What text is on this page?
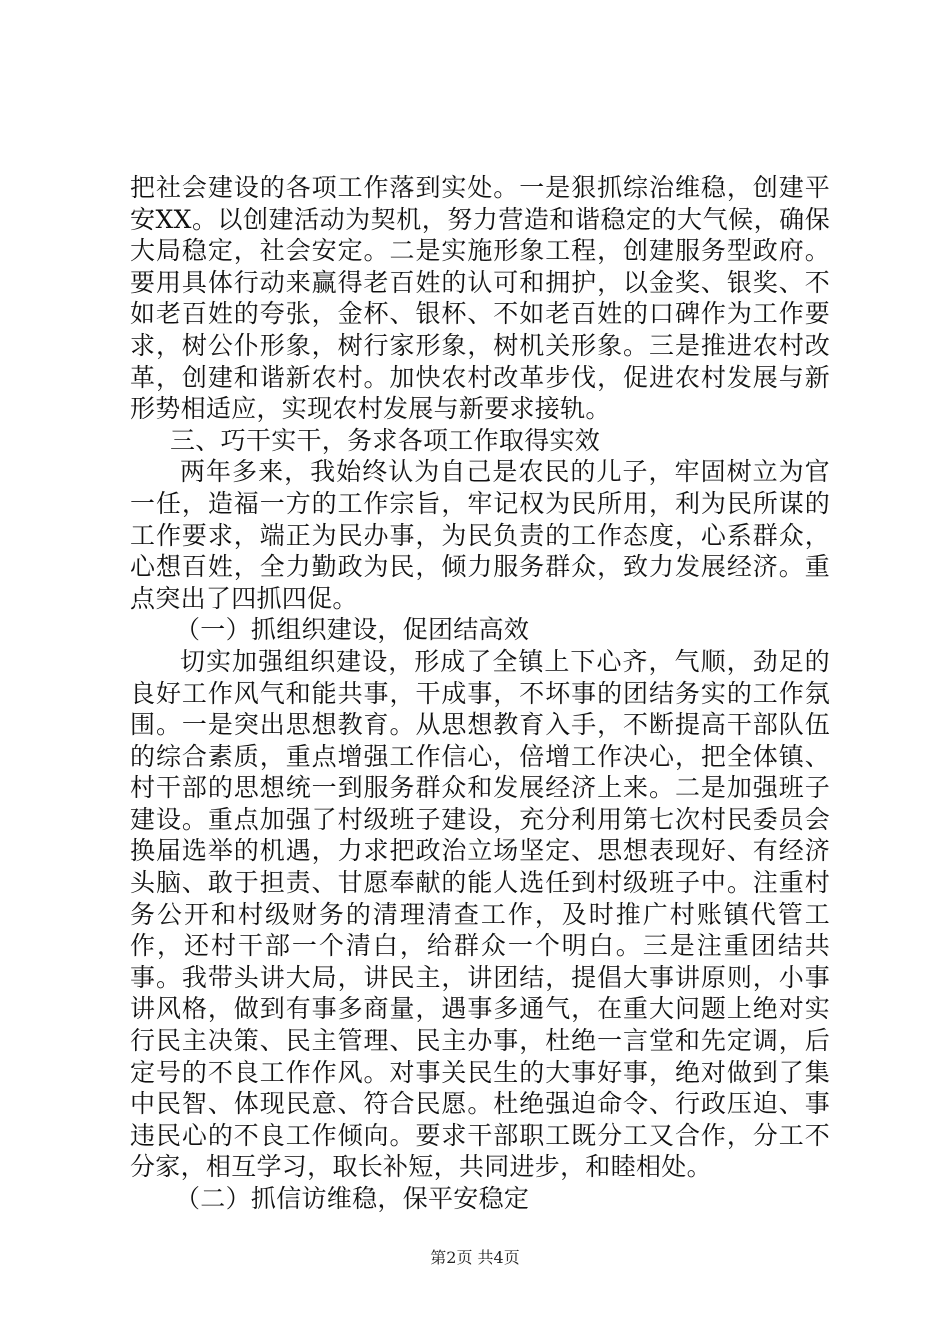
把社会建设的各项工作落到实处。一是狠抓综治维稳，创建平安XX。以创建活动为契机，努力营造和谐稳定的大气候，确保大局稳定，社会安定。二是实施形象工程，创建服务型政府。要用具体行动来赢得老百姓的认可和拥护，以金奖、银奖、不如老百姓的夸张，金杯、银杯、不如老百姓的口碑作为工作要求，树公仆形象，树行家形象，树机关形象。三是推进农村改革，创建和谐新农村。加快农村改革步伐，促进农村发展与新形势相适应，实现农村发展与新要求接轨。

三、巧干实干，务求各项工作取得实效

两年多来，我始终认为自己是农民的儿子，牢固树立为官一任，造福一方的工作宗旨，牢记权为民所用，利为民所谋的工作要求，端正为民办事，为民负责的工作态度，心系群众，心想百姓，全力勤政为民，倾力服务群众，致力发展经济。重点突出了四抓四促。

（一）抓组织建设，促团结高效

切实加强组织建设，形成了全镇上下心齐，气顺，劲足的良好工作风气和能共事，干成事，不坏事的团结务实的工作氛围。一是突出思想教育。从思想教育入手，不断提高干部队伍的综合素质，重点增强工作信心，倍增工作决心，把全体镇、村干部的思想统一到服务群众和发展经济上来。二是加强班子建设。重点加强了村级班子建设，充分利用第七次村民委员会换届选举的机遇，力求把政治立场坚定、思想表现好、有经济头脑、敢于担责、甘愿奉献的能人选任到村级班子中。注重村务公开和村级财务的清理清查工作，及时推广村账镇代管工作，还村干部一个清白，给群众一个明白。三是注重团结共事。我带头讲大局，讲民主，讲团结，提倡大事讲原则，小事讲风格，做到有事多商量，遇事多通气，在重大问题上绝对实行民主决策、民主管理、民主办事，杜绝一言堂和先定调，后定号的不良工作作风。对事关民生的大事好事，绝对做到了集中民智、体现民意、符合民愿。杜绝强迫命令、行政压迫、事违民心的不良工作倾向。要求干部职工既分工又合作，分工不分家，相互学习，取长补短，共同进步，和睦相处。

（二）抓信访维稳，保平安稳定

第2页 共4页
